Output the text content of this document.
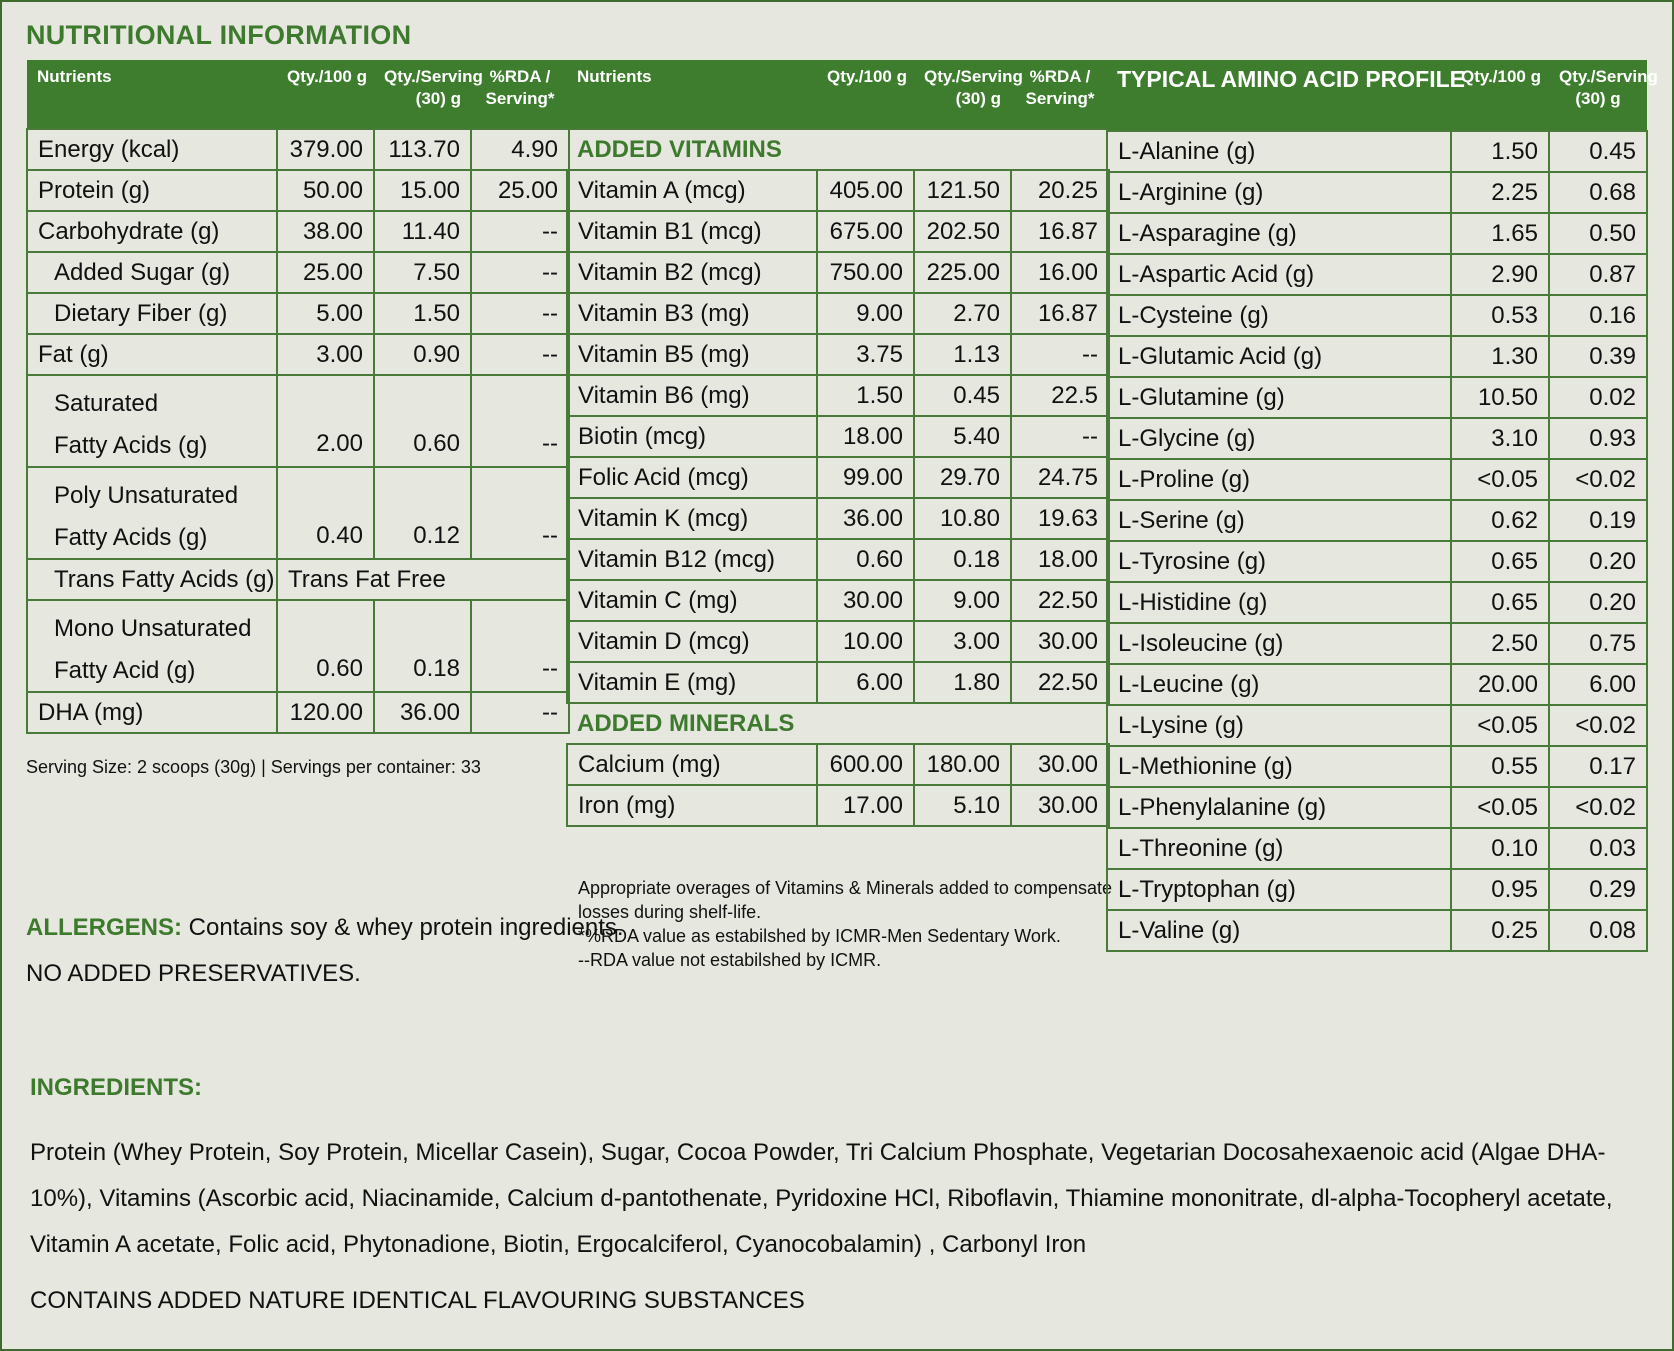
NUTRITIONAL INFORMATION
Nutrients	Qty./100 g	Qty./Serving
(30) g	%RDA /
Serving*
Energy (kcal)	379.00	113.70	4.90
Protein (g)	50.00	15.00	25.00
Carbohydrate (g)	38.00	11.40	--
Added Sugar (g)	25.00	7.50	--
Dietary Fiber (g)	5.00	1.50	--
Fat (g)	3.00	0.90	--

Saturated
Fatty Acids (g)	2.00	0.60	--

Poly Unsaturated
Fatty Acids (g)	0.40	0.12	--
Trans Fatty Acids (g)	Trans Fat Free		

Mono Unsaturated
Fatty Acid (g)	0.60	0.18	--
DHA (mg)	120.00	36.00	--
Serving Size: 2 scoops (30g) | Servings per container: 33
ALLERGENS: Contains soy & whey protein ingredients.
NO ADDED PRESERVATIVES.
Nutrients	Qty./100 g	Qty./Serving
(30) g	%RDA /
Serving*
ADDED VITAMINS			
Vitamin A (mcg)	405.00	121.50	20.25
Vitamin B1 (mcg)	675.00	202.50	16.87
Vitamin B2 (mcg)	750.00	225.00	16.00
Vitamin B3 (mg)	9.00	2.70	16.87
Vitamin B5 (mg)	3.75	1.13	--
Vitamin B6 (mg)	1.50	0.45	22.5
Biotin (mcg)	18.00	5.40	--
Folic Acid (mcg)	99.00	29.70	24.75
Vitamin K (mcg)	36.00	10.80	19.63
Vitamin B12 (mcg)	0.60	0.18	18.00
Vitamin C (mg)	30.00	9.00	22.50
Vitamin D (mcg)	10.00	3.00	30.00
Vitamin E (mg)	6.00	1.80	22.50
ADDED MINERALS			
Calcium (mg)	600.00	180.00	30.00
Iron (mg)	17.00	5.10	30.00
Appropriate overages of Vitamins & Minerals added to compensate
losses during shelf-life.
*%RDA value as estabilshed by ICMR-Men Sedentary Work.
--RDA value not estabilshed by ICMR.
TYPICAL AMINO ACID PROFILE	Qty./100 g	Qty./Serving
(30) g
L-Alanine (g)	1.50	0.45
L-Arginine (g)	2.25	0.68
L-Asparagine (g)	1.65	0.50
L-Aspartic Acid (g)	2.90	0.87
L-Cysteine (g)	0.53	0.16
L-Glutamic Acid (g)	1.30	0.39
L-Glutamine (g)	10.50	0.02
L-Glycine (g)	3.10	0.93
L-Proline (g)	<0.05	<0.02
L-Serine (g)	0.62	0.19
L-Tyrosine (g)	0.65	0.20
L-Histidine (g)	0.65	0.20
L-Isoleucine (g)	2.50	0.75
L-Leucine (g)	20.00	6.00
L-Lysine (g)	<0.05	<0.02
L-Methionine (g)	0.55	0.17
L-Phenylalanine (g)	<0.05	<0.02
L-Threonine (g)	0.10	0.03
L-Tryptophan (g)	0.95	0.29
L-Valine (g)	0.25	0.08
INGREDIENTS:
Protein (Whey Protein, Soy Protein, Micellar Casein), Sugar, Cocoa Powder, Tri Calcium Phosphate, Vegetarian Docosahexaenoic acid (Algae DHA-10%), Vitamins (Ascorbic acid, Niacinamide, Calcium d-pantothenate, Pyridoxine HCl, Riboflavin, Thiamine mononitrate, dl-alpha-Tocopheryl acetate, Vitamin A acetate, Folic acid, Phytonadione, Biotin, Ergocalciferol, Cyanocobalamin) , Carbonyl Iron
CONTAINS ADDED NATURE IDENTICAL FLAVOURING SUBSTANCES
